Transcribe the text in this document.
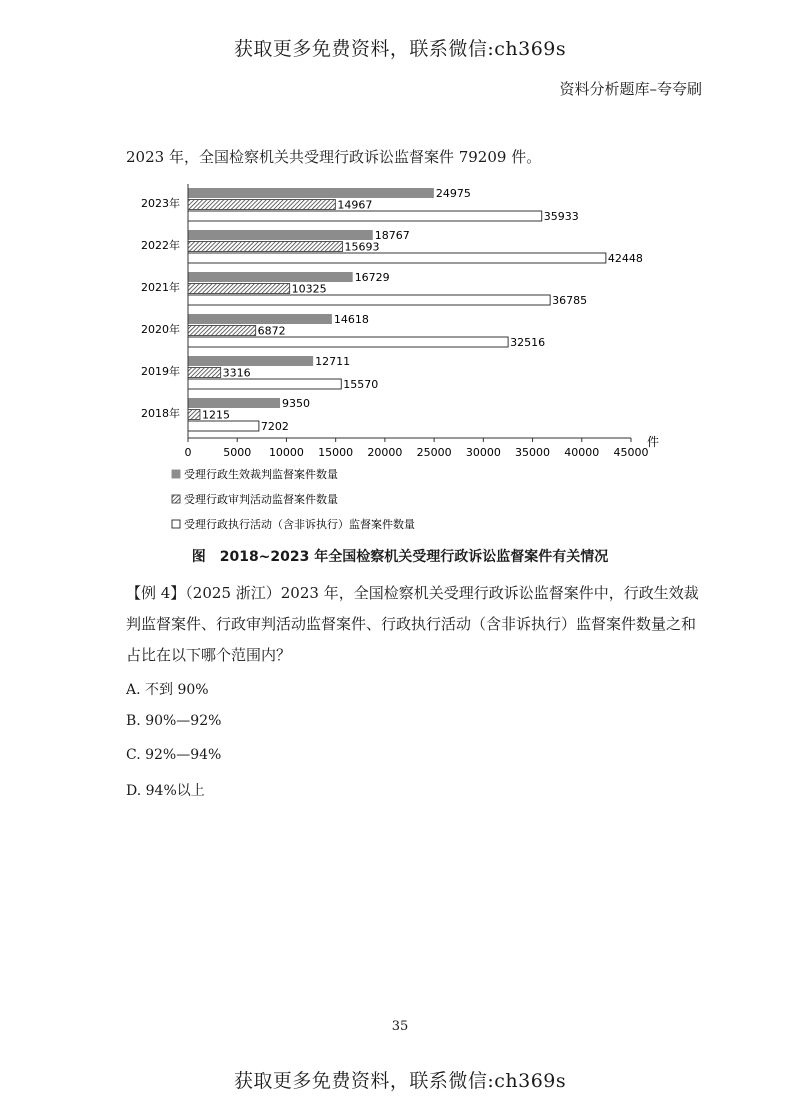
获取更多免费资料，联系微信:ch369s
资料分析题库–夸夸刷
2023 年，全国检察机关共受理行政诉讼监督案件 79209 件。
2023年
24975
14967
35933
2022年
18767
15693
42448
2021年
16729
10325
36785
2020年
14618
6872
32516
2019年
12711
3316
15570
2018年
9350
1215
7202
0	5000 10000 15000 20000 25000 30000 35000 40000 45000
件
受理行政生效裁判监督案件数量
受理行政审判活动监督案件数量
受理行政执行活动（含非诉执行）监督案件数量
图　2018~2023 年全国检察机关受理行政诉讼监督案件有关情况
【例 4】（2025 浙江）2023 年，全国检察机关受理行政诉讼监督案件中，行政生效裁判监督案件、行政审判活动监督案件、行政执行活动（含非诉执行）监督案件数量之和占比在以下哪个范围内？
A. 不到 90%
B. 90%—92%
C. 92%—94%
D. 94%以上
35
获取更多免费资料，联系微信:ch369s
